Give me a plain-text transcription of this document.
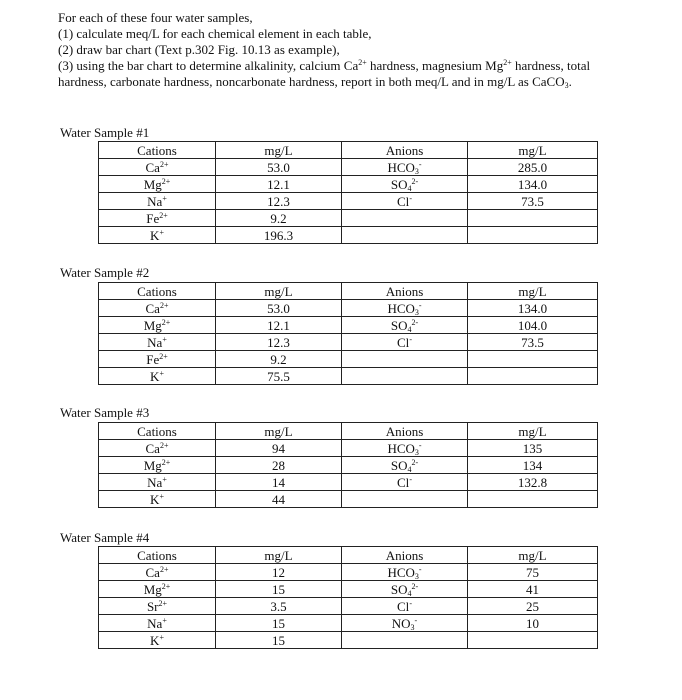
For each of these four water samples,
(1) calculate meq/L for each chemical element in each table,
(2) draw bar chart (Text p.302 Fig. 10.13 as example),
(3) using the bar chart to determine alkalinity, calcium $Ca^{2+}$ hardness, magnesium $Mg^{2+}$ hardness, total
hardness, carbonate hardness, noncarbonate hardness, report in both meq/L and in mg/L as CaCO$_3$.
Water Sample #1
Cations	mg/L	Anions	mg/L
$Ca^{2+}$	53.0	$HCO_3^-$	285.0
$Mg^{2+}$	12.1	$SO_4^{2-}$	134.0
Na+	12.3	Cl-	73.5
$Fe^{2+}$	9.2		
K+	196.3		
Water Sample #2
Cations	mg/L	Anions	mg/L
$Ca^{2+}$	53.0	$HCO_3^-$	134.0
$Mg^{2+}$	12.1	$SO_4^{2-}$	104.0
Na+	12.3	Cl-	73.5
$Fe^{2+}$	9.2		
K+	75.5		
Water Sample #3
Cations	mg/L	Anions	mg/L
$Ca^{2+}$	94	$HCO_3^-$	135
$Mg^{2+}$	28	$SO_4^{2-}$	134
Na+	14	Cl-	132.8
K+	44		
Water Sample #4
Cations	mg/L	Anions	mg/L
$Ca^{2+}$	12	$HCO_3^-$	75
$Mg^{2+}$	15	$SO_4^{2-}$	41
$Sr^{2+}$	3.5	Cl-	25
Na+	15	$NO_3^-$	10
K+	15		
